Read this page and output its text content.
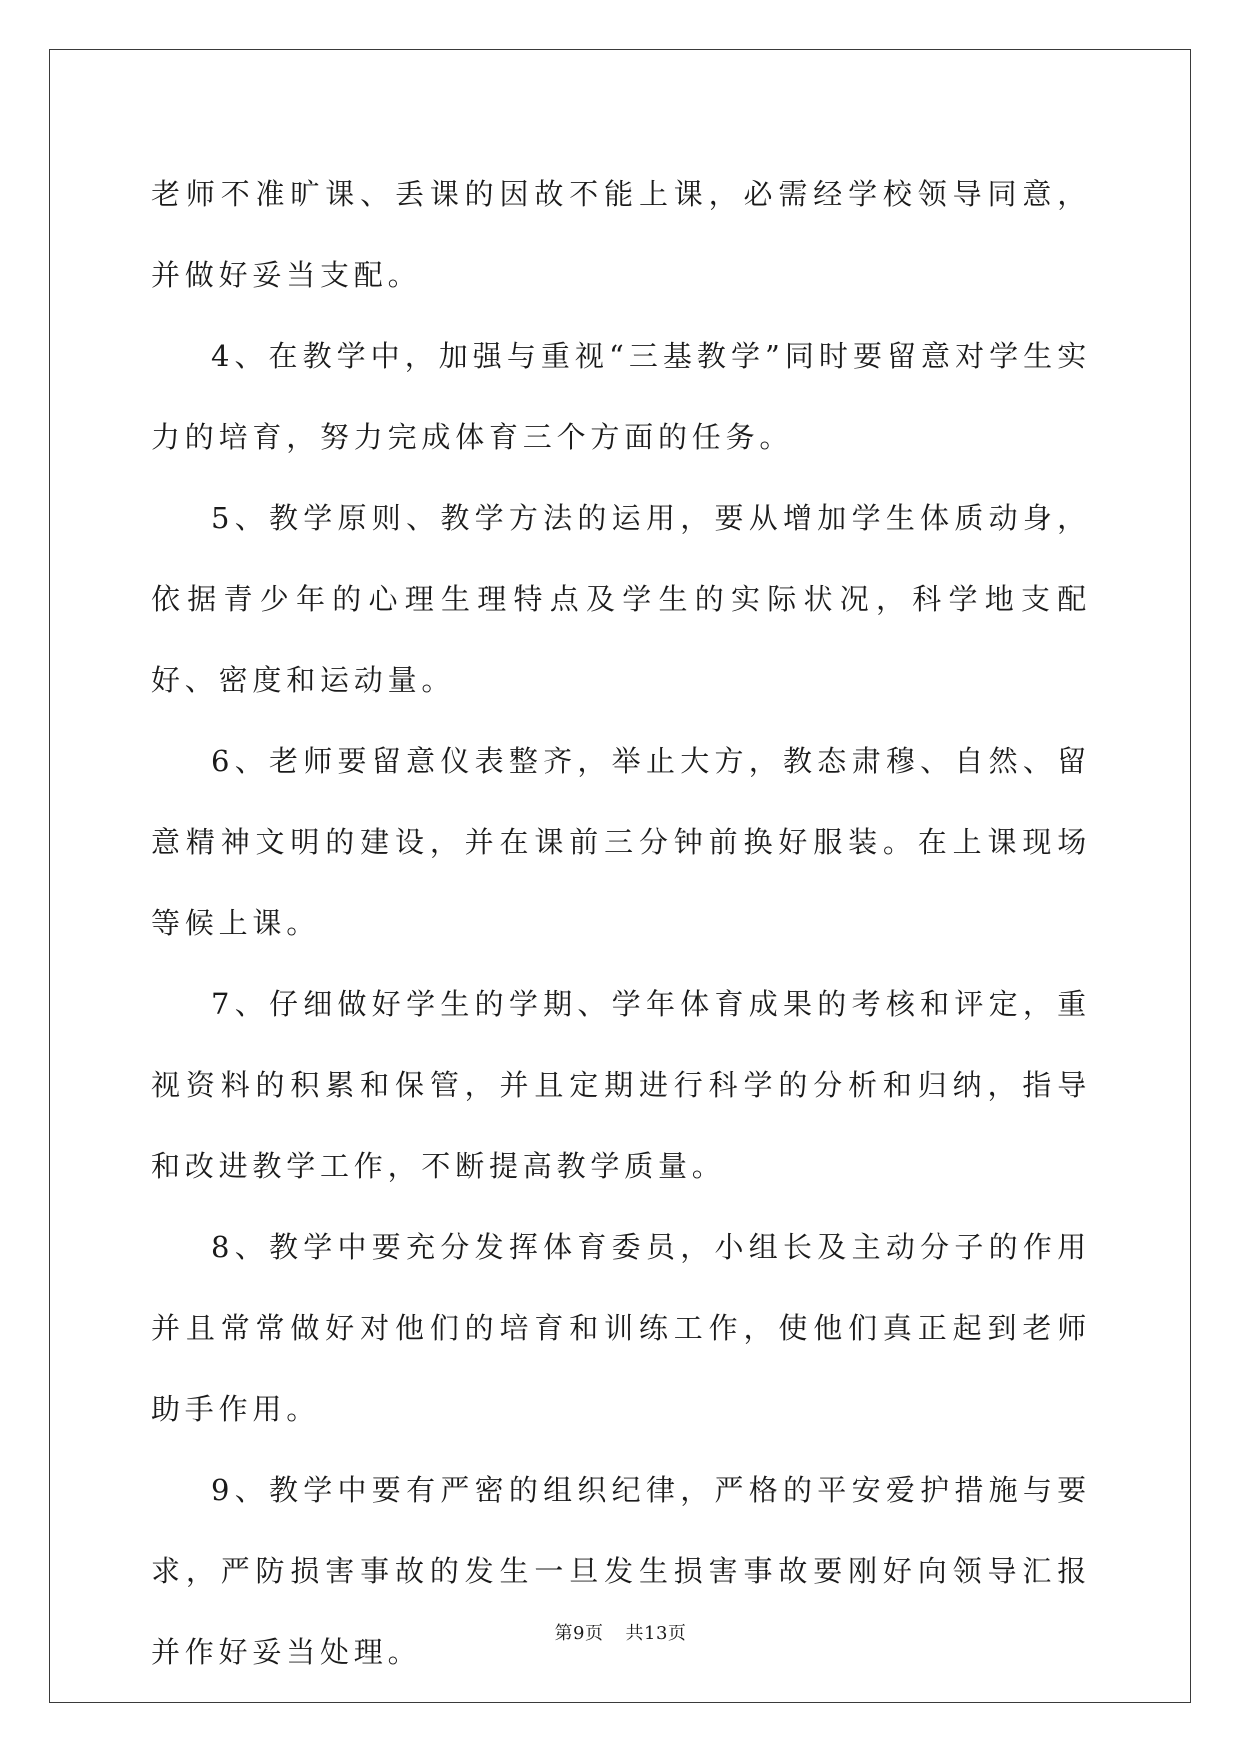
老师不准旷课、丢课的因故不能上课，必需经学校领导同意，并做好妥当支配。

4、在教学中，加强与重视“三基教学”同时要留意对学生实力的培育，努力完成体育三个方面的任务。

5、教学原则、教学方法的运用，要从增加学生体质动身，依据青少年的心理生理特点及学生的实际状况，科学地支配好、密度和运动量。

6、老师要留意仪表整齐，举止大方，教态肃穆、自然、留意精神文明的建设，并在课前三分钟前换好服装。在上课现场等候上课。

7、仔细做好学生的学期、学年体育成果的考核和评定，重视资料的积累和保管，并且定期进行科学的分析和归纳，指导和改进教学工作，不断提高教学质量。

8、教学中要充分发挥体育委员，小组长及主动分子的作用并且常常做好对他们的培育和训练工作，使他们真正起到老师助手作用。

9、教学中要有严密的组织纪律，严格的平安爱护措施与要求，严防损害事故的发生一旦发生损害事故要刚好向领导汇报并作好妥当处理。

第9页 共13页
